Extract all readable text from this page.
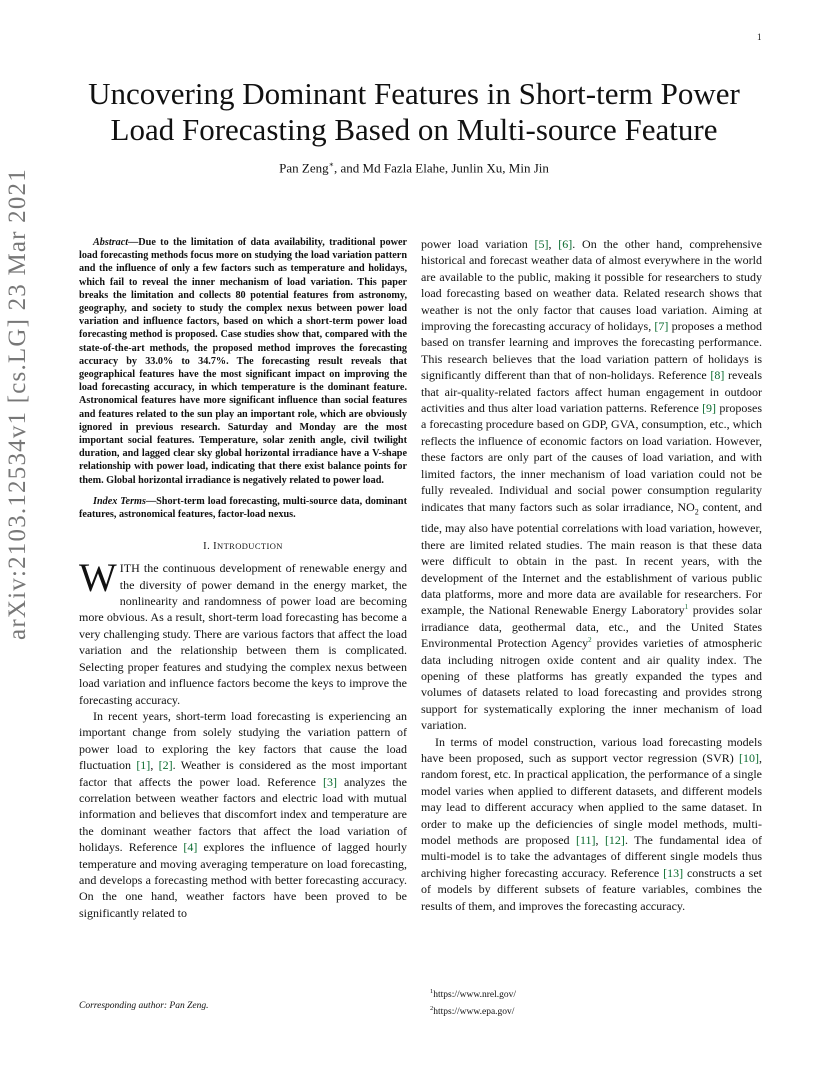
1
arXiv:2103.12534v1 [cs.LG] 23 Mar 2021
Uncovering Dominant Features in Short-term Power
Load Forecasting Based on Multi-source Feature
Pan Zeng∗, and Md Fazla Elahe, Junlin Xu, Min Jin

Abstract—Due to the limitation of data availability, traditional power load forecasting methods focus more on studying the load variation pattern and the influence of only a few factors such as temperature and holidays, which fail to reveal the inner mechanism of load variation. This paper breaks the limitation and collects 80 potential features from astronomy, geography, and society to study the complex nexus between power load variation and influence factors, based on which a short-term power load forecasting method is proposed. Case studies show that, compared with the state-of-the-art methods, the proposed method improves the forecasting accuracy by 33.0% to 34.7%. The forecasting result reveals that geographical features have the most significant impact on improving the load forecasting accuracy, in which temperature is the dominant feature. Astronomical features have more significant influence than social features and features related to the sun play an important role, which are obviously ignored in previous research. Saturday and Monday are the most important social features. Temperature, solar zenith angle, civil twilight duration, and lagged clear sky global horizontal irradiance have a V-shape relationship with power load, indicating that there exist balance points for them. Global horizontal irradiance is negatively related to power load.

Index Terms—Short-term load forecasting, multi-source data, dominant features, astronomical features, factor-load nexus.

I. INTRODUCTION

WITH the continuous development of renewable energy and the diversity of power demand in the energy market, the nonlinearity and randomness of power load are becoming more obvious. As a result, short-term load forecasting has become a very challenging study. There are various factors that affect the load variation and the relationship between them is complicated. Selecting proper features and studying the complex nexus between load variation and influence factors become the keys to improve the forecasting accuracy.

In recent years, short-term load forecasting is experiencing an important change from solely studying the variation pattern of power load to exploring the key factors that cause the load fluctuation [1], [2]. Weather is considered as the most important factor that affects the power load. Reference [3] analyzes the correlation between weather factors and electric load with mutual information and believes that discomfort index and temperature are the dominant weather factors that affect the load variation of holidays. Reference [4] explores the influence of lagged hourly temperature and moving averaging temperature on load forecasting, and develops a forecasting method with better forecasting accuracy. On the one hand, weather factors have been proved to be significantly related to

power load variation [5], [6]. On the other hand, comprehensive historical and forecast weather data of almost everywhere in the world are available to the public, making it possible for researchers to study load forecasting based on weather data. Related research shows that weather is not the only factor that causes load variation. Aiming at improving the forecasting accuracy of holidays, [7] proposes a method based on transfer learning and improves the forecasting performance. This research believes that the load variation pattern of holidays is significantly different than that of non-holidays. Reference [8] reveals that air-quality-related factors affect human engagement in outdoor activities and thus alter load variation patterns. Reference [9] proposes a forecasting procedure based on GDP, GVA, consumption, etc., which reflects the influence of economic factors on load variation. However, these factors are only part of the causes of load variation, and with limited factors, the inner mechanism of load variation could not be fully revealed. Individual and social power consumption regularity indicates that many factors such as solar irradiance, $NO_2$ content, and tide, may also have potential correlations with load variation, however, there are limited related studies. The main reason is that these data were difficult to obtain in the past. In recent years, with the development of the Internet and the establishment of various public data platforms, more and more data are available for researchers. For example, the National Renewable Energy Laboratory$^1$ provides solar irradiance data, geothermal data, etc., and the United States Environmental Protection Agency$^2$ provides varieties of atmospheric data including nitrogen oxide content and air quality index. The opening of these platforms has greatly expanded the types and volumes of datasets related to load forecasting and provides strong support for systematically exploring the inner mechanism of load variation.

In terms of model construction, various load forecasting models have been proposed, such as support vector regression (SVR) [10], random forest, etc. In practical application, the performance of a single model varies when applied to different datasets, and different models may lead to different accuracy when applied to the same dataset. In order to make up the deficiencies of single model methods, multi-model methods are proposed [11], [12]. The fundamental idea of multi-model is to take the advantages of different single models thus archiving higher forecasting accuracy. Reference [13] constructs a set of models by different subsets of feature variables, combines the results of them, and improves the forecasting accuracy.

$^1$https://www.nrel.gov/
$^2$https://www.epa.gov/
Corresponding author: Pan Zeng.
